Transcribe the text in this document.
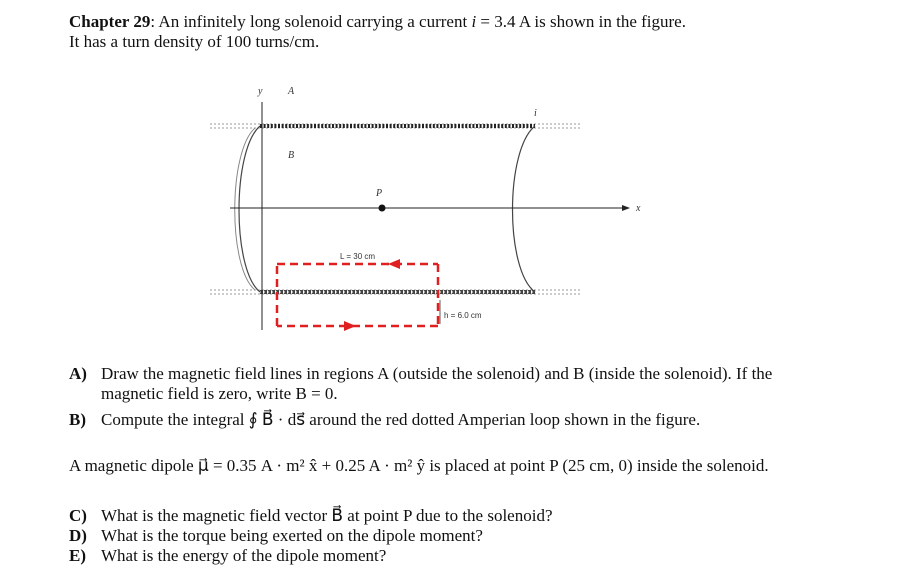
Chapter 29: An infinitely long solenoid carrying a current i = 3.4 A is shown in the figure.
It has a turn density of 100 turns/cm.
y
x
A
B
i
P
L = 30 cm
h = 6.0 cm
A) Draw the magnetic field lines in regions A (outside the solenoid) and B (inside the solenoid). If the
magnetic field is zero, write B = 0.
B) Compute the integral ∮ B⃗ · ds⃗ around the red dotted Amperian loop shown in the figure.
A magnetic dipole μ⃗ = 0.35 A · m² x̂ + 0.25 A · m² ŷ is placed at point P (25 cm, 0) inside the solenoid.
C) What is the magnetic field vector B⃗ at point P due to the solenoid?
D) What is the torque being exerted on the dipole moment?
E) What is the energy of the dipole moment?
